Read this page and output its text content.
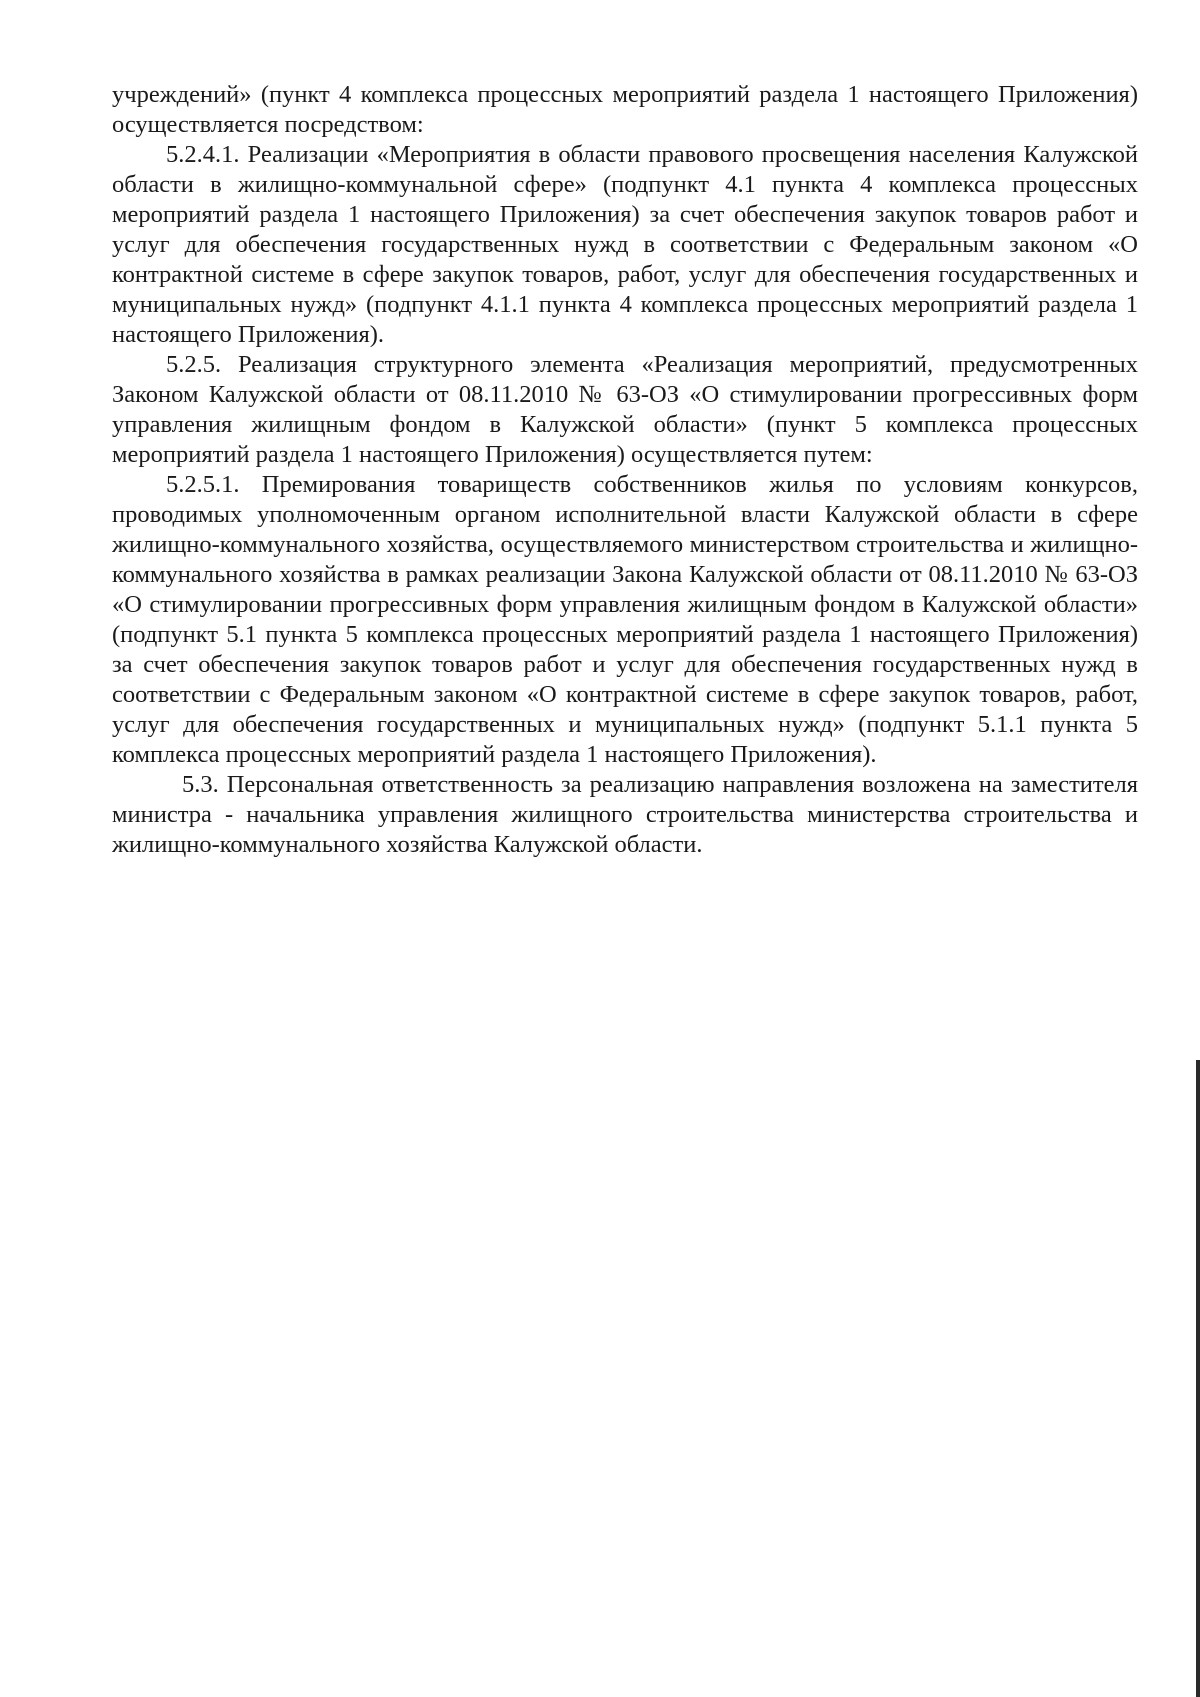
учреждений» (пункт 4 комплекса процессных мероприятий раздела 1 настоящего Приложения) осуществляется посредством:

5.2.4.1. Реализации «Мероприятия в области правового просвещения населения Калужской области в жилищно-коммунальной сфере» (подпункт 4.1 пункта 4 комплекса процессных мероприятий раздела 1 настоящего Приложения) за счет обеспечения закупок товаров работ и услуг для обеспечения государственных нужд в соответствии с Федеральным законом «О контрактной системе в сфере закупок товаров, работ, услуг для обеспечения государственных и муниципальных нужд» (подпункт 4.1.1 пункта 4 комплекса процессных мероприятий раздела 1 настоящего Приложения).

5.2.5. Реализация структурного элемента «Реализация мероприятий, предусмотренных Законом Калужской области от 08.11.2010 № 63-ОЗ «О стимулировании прогрессивных форм управления жилищным фондом в Калужской области» (пункт 5 комплекса процессных мероприятий раздела 1 настоящего Приложения) осуществляется путем:

5.2.5.1. Премирования товариществ собственников жилья по условиям конкурсов, проводимых уполномоченным органом исполнительной власти Калужской области в сфере жилищно-коммунального хозяйства, осуществляемого министерством строительства и жилищно-коммунального хозяйства в рамках реализации Закона Калужской области от 08.11.2010 № 63-ОЗ «О стимулировании прогрессивных форм управления жилищным фондом в Калужской области» (подпункт 5.1 пункта 5 комплекса процессных мероприятий раздела 1 настоящего Приложения) за счет обеспечения закупок товаров работ и услуг для обеспечения государственных нужд в соответствии с Федеральным законом «О контрактной системе в сфере закупок товаров, работ, услуг для обеспечения государственных и муниципальных нужд» (подпункт 5.1.1 пункта 5 комплекса процессных мероприятий раздела 1 настоящего Приложения).

5.3. Персональная ответственность за реализацию направления возложена на заместителя министра - начальника управления жилищного строительства министерства строительства и жилищно-коммунального хозяйства Калужской области.
